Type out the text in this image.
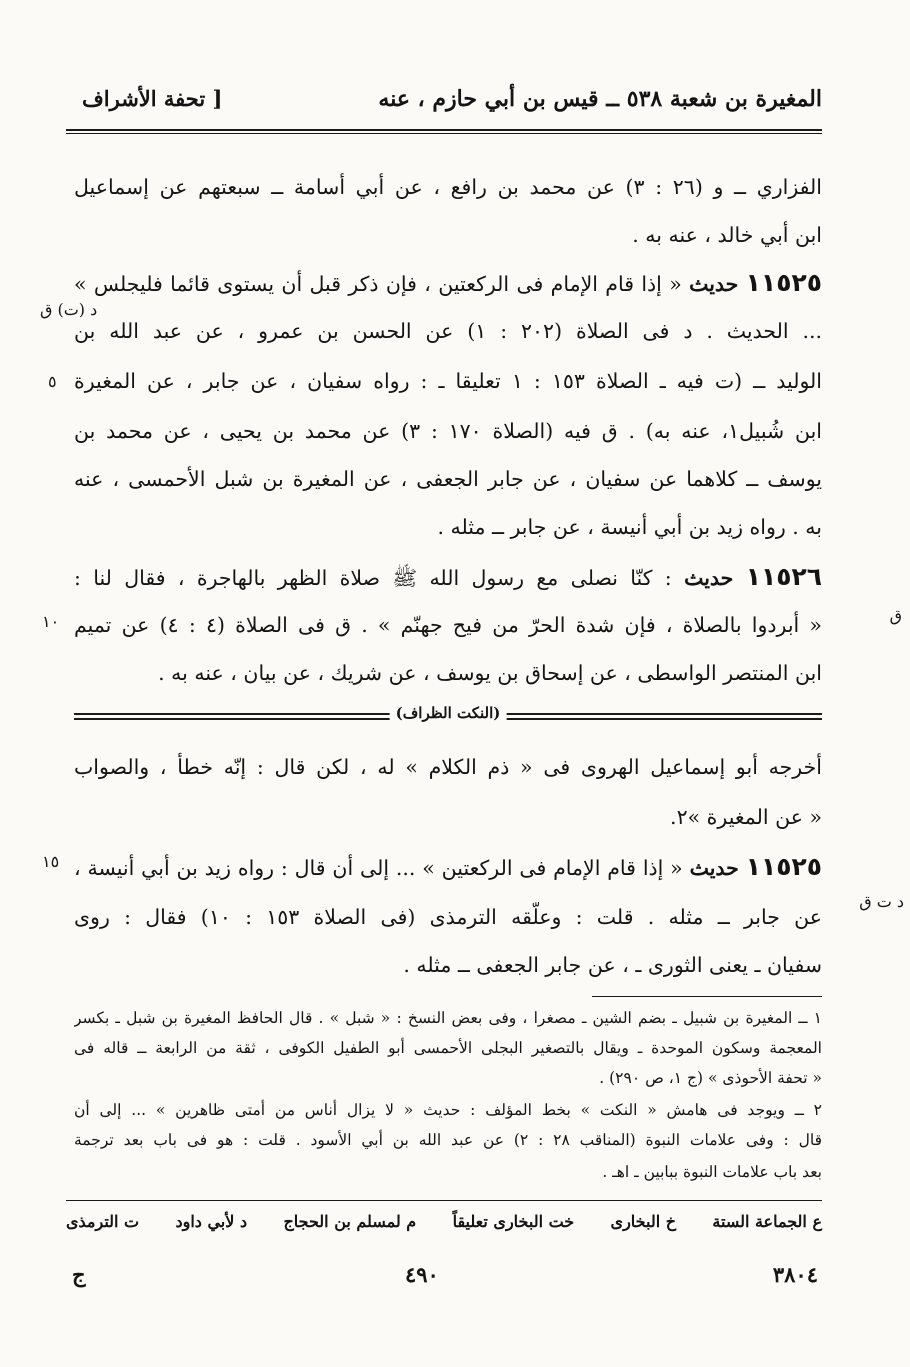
المغيرة بن شعبة ٥٣٨ ــ قيس بن أبي حازم ، عنه
[ تحفة الأشراف
الفزاري ــ و (٢٦ : ٣) عن محمد بن رافع ، عن أبي أسامة ــ سبعتهم عن إسماعيل
ابن أبي خالد ، عنه به .
١١٥٢٥ حديث « إذا قام الإمام فى الركعتين ، فإن ذكر قبل أن يستوى قائما فليجلس »
... الحديث . د فى الصلاة (٢٠٢ : ١) عن الحسن بن عمرو ، عن عبد الله بن
الوليد ــ (ت فيه ـ الصلاة ١٥٣ : ١ تعليقا ـ : رواه سفيان ، عن جابر ، عن المغيرة
ابن شُبيل١، عنه به) . ق فيه (الصلاة ١٧٠ : ٣) عن محمد بن يحيى ، عن محمد بن
يوسف ــ كلاهما عن سفيان ، عن جابر الجعفى ، عن المغيرة بن شبل الأحمسى ، عنه
به . رواه زيد بن أبي أنيسة ، عن جابر ــ مثله .
١١٥٢٦ حديث : كنّا نصلى مع رسول الله ﷺ صلاة الظهر بالهاجرة ، فقال لنا :
« أبردوا بالصلاة ، فإن شدة الحرّ من فيح جهنّم » . ق فى الصلاة (٤ : ٤) عن تميم
ابن المنتصر الواسطى ، عن إسحاق بن يوسف ، عن شريك ، عن بيان ، عنه به .
د (ت) ق
٥
ق
١٠
١٥
د ت ق
(النكت الظراف)
أخرجه أبو إسماعيل الهروى فى « ذم الكلام » له ، لكن قال : إنّه خطأ ، والصواب
« عن المغيرة »٢.
١١٥٢٥ حديث « إذا قام الإمام فى الركعتين » ... إلى أن قال : رواه زيد بن أبي أنيسة ،
عن جابر ــ مثله . قلت : وعلّقه الترمذى (فى الصلاة ١٥٣ : ١٠) فقال : روى
سفيان ـ يعنى الثورى ـ ، عن جابر الجعفى ــ مثله .
١ ــ المغيرة بن شبيل ـ بضم الشين ـ مصغرا ، وفى بعض النسخ : « شبل » . قال الحافظ المغيرة بن شبل ـ بكسر
المعجمة وسكون الموحدة ـ ويقال بالتصغير البجلى الأحمسى أبو الطفيل الكوفى ، ثقة من الرابعة ــ قاله فى
« تحفة الأحوذى » (ج ١، ص ٢٩٠) .
٢ ــ ويوجد فى هامش « النكت » بخط المؤلف : حديث « لا يزال أناس من أمتى ظاهرين » ... إلى أن
قال : وفى علامات النبوة (المناقب ٢٨ : ٢) عن عبد الله بن أبي الأسود . قلت : هو فى باب بعد ترجمة
بعد باب علامات النبوة ببابين ـ اهـ .
ع الجماعة الستة
خ البخارى
خت البخارى تعليقاً
م لمسلم بن الحجاج
د لأبي داود
ت الترمذى
٣٨٠٤
٤٩٠
ج
